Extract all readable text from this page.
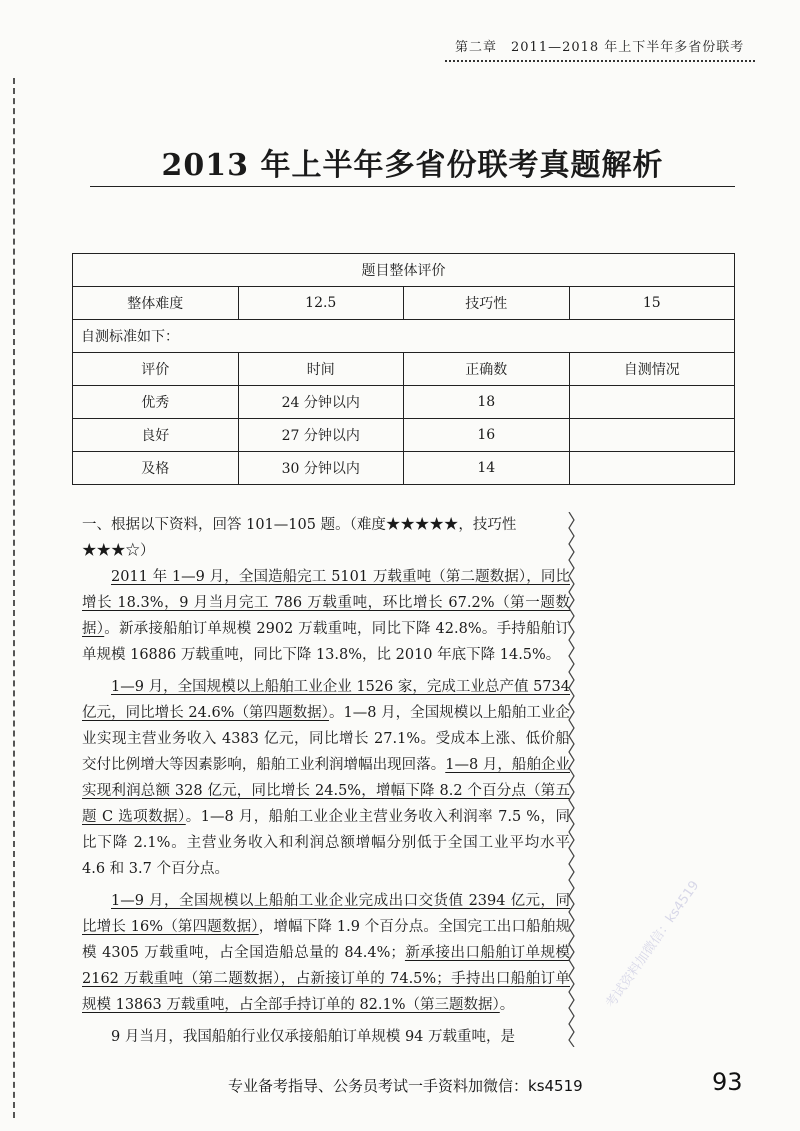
第二章　2011—2018 年上下半年多省份联考
2013 年上半年多省份联考真题解析
题目整体评价			
整体难度	12.5	技巧性	15
自测标准如下：			
评价	时间	正确数	自测情况
优秀	24 分钟以内	18	
良好	27 分钟以内	16	
及格	30 分钟以内	14	
一、根据以下资料，回答 101—105 题。（难度★★★★★，技巧性★★★☆）

2011 年 1—9 月，全国造船完工 5101 万载重吨（第二题数据），同比增长 18.3%，9 月当月完工 786 万载重吨，环比增长 67.2%（第一题数据）。新承接船舶订单规模 2902 万载重吨，同比下降 42.8%。手持船舶订单规模 16886 万载重吨，同比下降 13.8%，比 2010 年底下降 14.5%。

1—9 月，全国规模以上船舶工业企业 1526 家，完成工业总产值 5734 亿元，同比增长 24.6%（第四题数据）。1—8 月，全国规模以上船舶工业企业实现主营业务收入 4383 亿元，同比增长 27.1%。受成本上涨、低价船交付比例增大等因素影响，船舶工业利润增幅出现回落。1—8 月，船舶企业实现利润总额 328 亿元，同比增长 24.5%，增幅下降 8.2 个百分点（第五题 C 选项数据）。1—8 月，船舶工业企业主营业务收入利润率 7.5 %，同比下降 2.1%。主营业务收入和利润总额增幅分别低于全国工业平均水平 4.6 和 3.7 个百分点。

1—9 月，全国规模以上船舶工业企业完成出口交货值 2394 亿元，同比增长 16%（第四题数据），增幅下降 1.9 个百分点。全国完工出口船舶规模 4305 万载重吨，占全国造船总量的 84.4%；新承接出口船舶订单规模 2162 万载重吨（第二题数据），占新接订单的 74.5%；手持出口船舶订单规模 13863 万载重吨，占全部手持订单的 82.1%（第三题数据）。

9 月当月，我国船舶行业仅承接船舶订单规模 94 万载重吨，是

考试资料加微信：ks4519
专业备考指导、公务员考试一手资料加微信：ks4519	93
